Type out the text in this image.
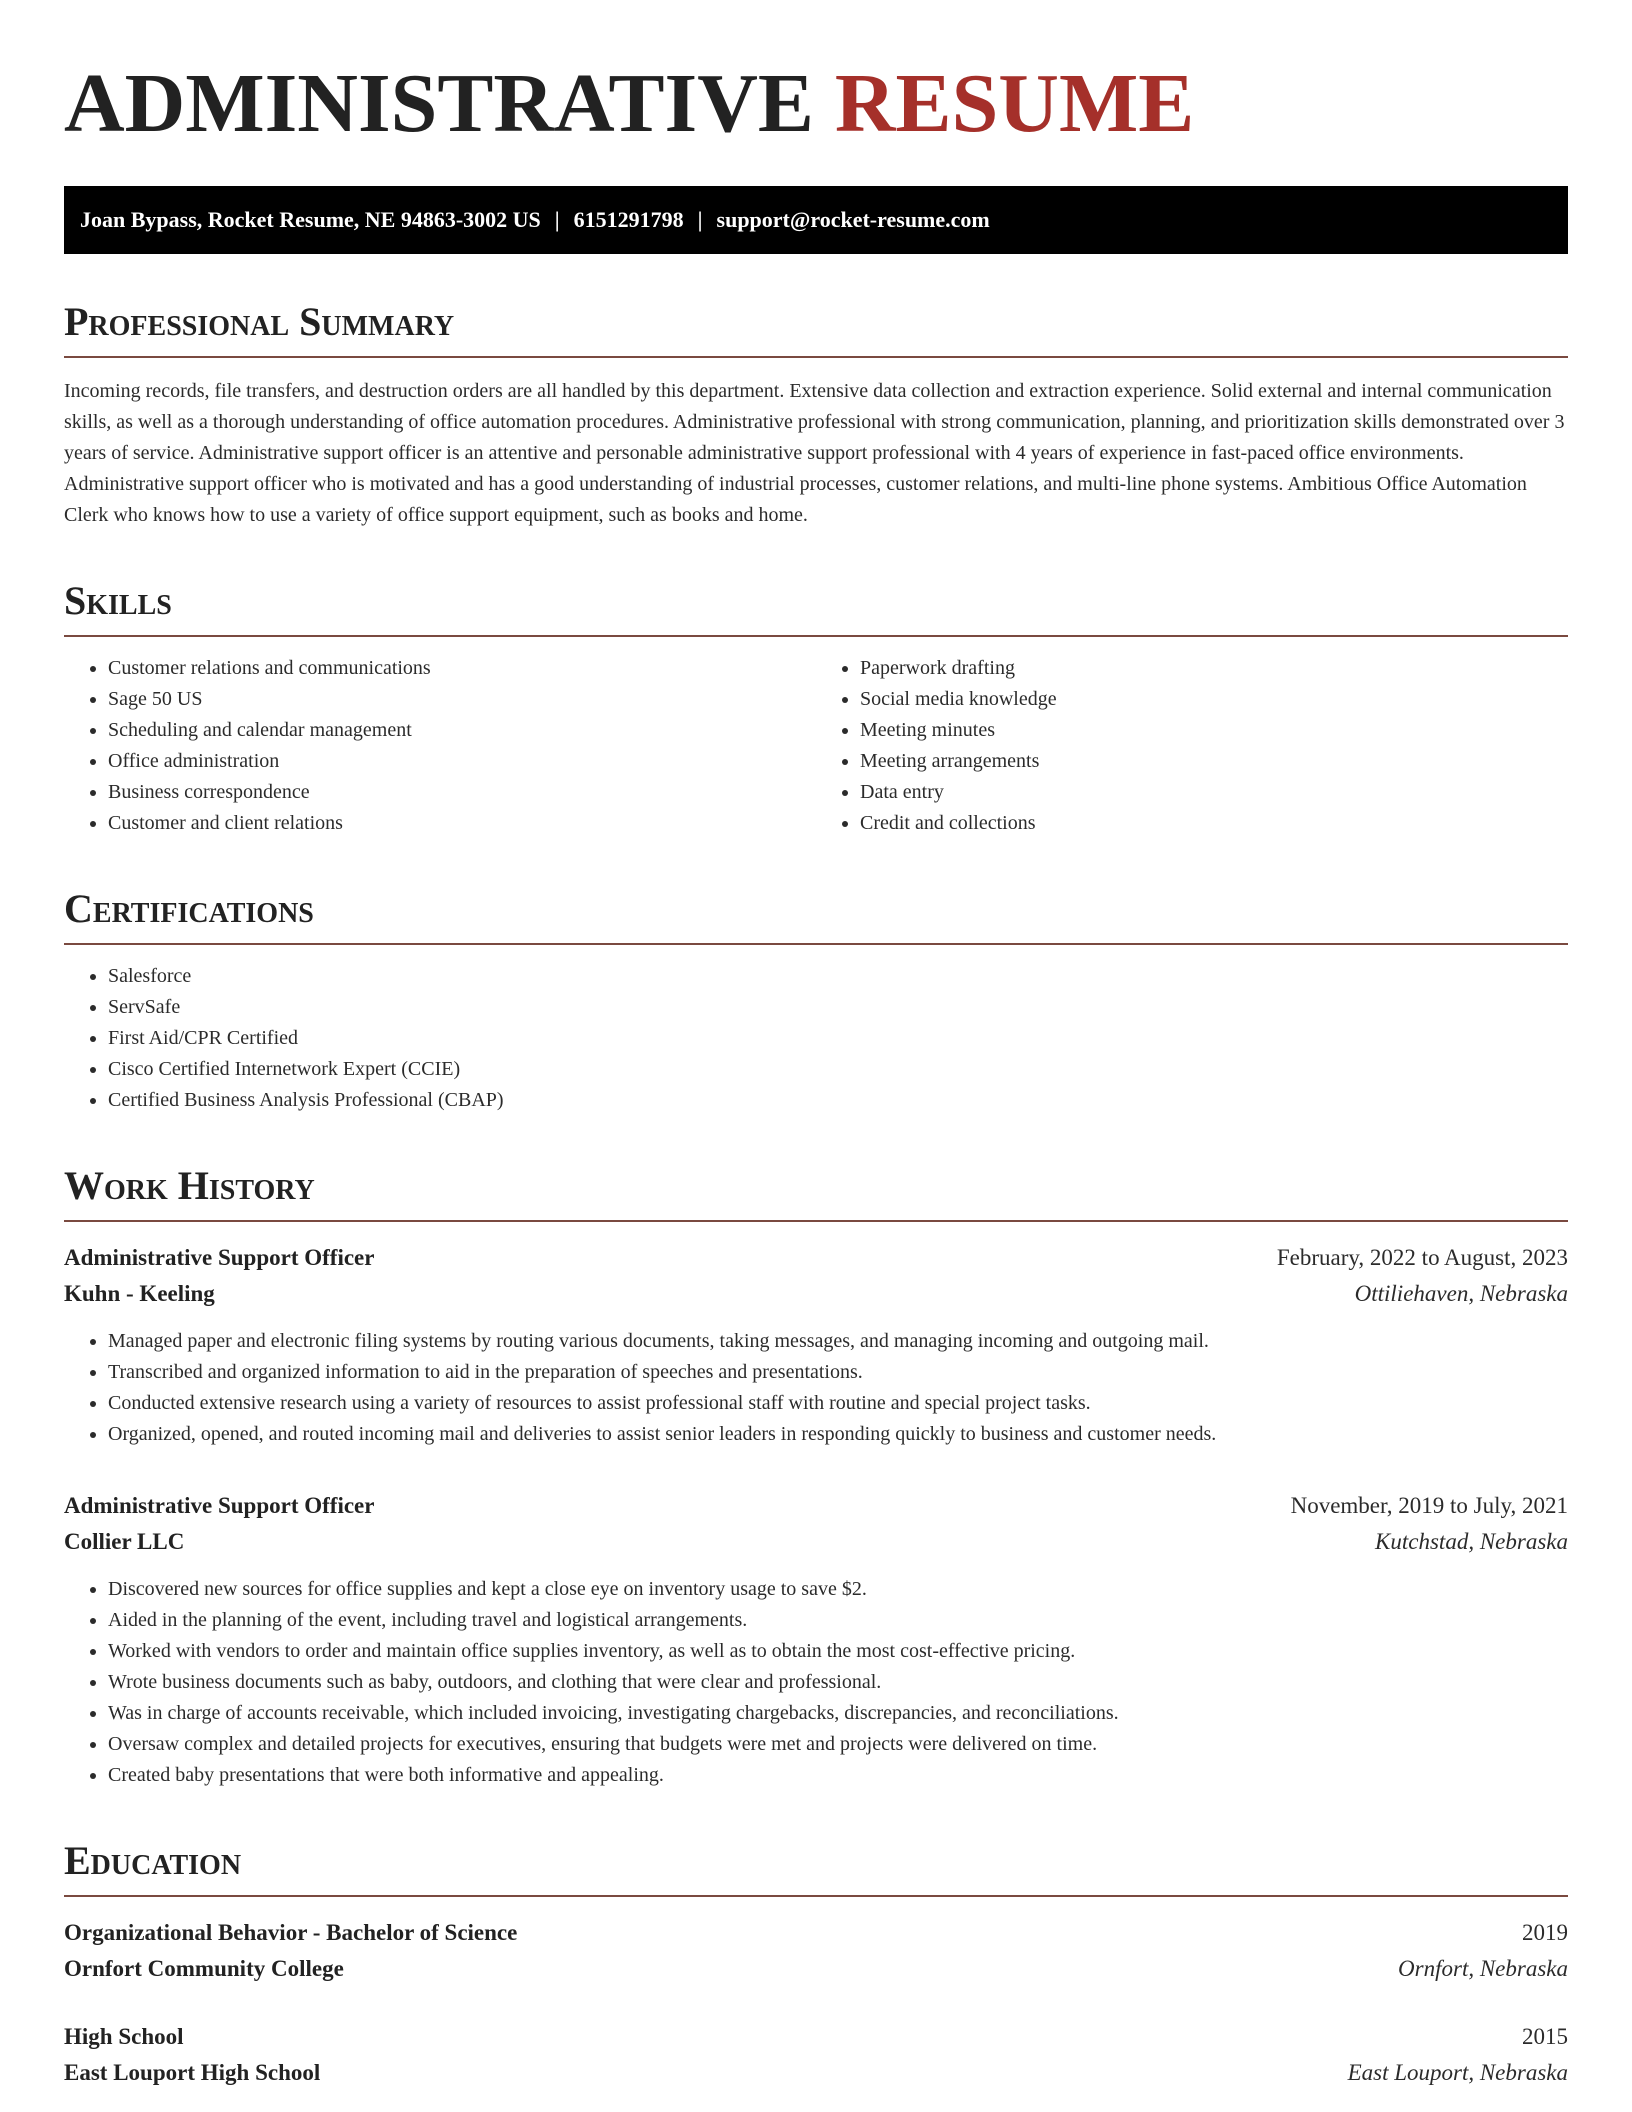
ADMINISTRATIVE RESUME
Joan Bypass, Rocket Resume, NE 94863-3002 US | 6151291798 | support@rocket-resume.com
Professional Summary

Incoming records, file transfers, and destruction orders are all handled by this department. Extensive data collection and extraction experience. Solid external and internal communication skills, as well as a thorough understanding of office automation procedures. Administrative professional with strong communication, planning, and prioritization skills demonstrated over 3 years of service. Administrative support officer is an attentive and personable administrative support professional with 4 years of experience in fast-paced office environments. Administrative support officer who is motivated and has a good understanding of industrial processes, customer relations, and multi-line phone systems. Ambitious Office Automation Clerk who knows how to use a variety of office support equipment, such as books and home.

Skills
• Customer relations and communications
• Sage 50 US
• Scheduling and calendar management
• Office administration
• Business correspondence
• Customer and client relations
• Paperwork drafting
• Social media knowledge
• Meeting minutes
• Meeting arrangements
• Data entry
• Credit and collections
Certifications
• Salesforce
• ServSafe
• First Aid/CPR Certified
• Cisco Certified Internetwork Expert (CCIE)
• Certified Business Analysis Professional (CBAP)
Work History
Administrative Support Officer	February, 2022 to August, 2023
Kuhn - Keeling	Ottiliehaven, Nebraska
• Managed paper and electronic filing systems by routing various documents, taking messages, and managing incoming and outgoing mail.
• Transcribed and organized information to aid in the preparation of speeches and presentations.
• Conducted extensive research using a variety of resources to assist professional staff with routine and special project tasks.
• Organized, opened, and routed incoming mail and deliveries to assist senior leaders in responding quickly to business and customer needs.
Administrative Support Officer	November, 2019 to July, 2021
Collier LLC	Kutchstad, Nebraska
• Discovered new sources for office supplies and kept a close eye on inventory usage to save $2.
• Aided in the planning of the event, including travel and logistical arrangements.
• Worked with vendors to order and maintain office supplies inventory, as well as to obtain the most cost-effective pricing.
• Wrote business documents such as baby, outdoors, and clothing that were clear and professional.
• Was in charge of accounts receivable, which included invoicing, investigating chargebacks, discrepancies, and reconciliations.
• Oversaw complex and detailed projects for executives, ensuring that budgets were met and projects were delivered on time.
• Created baby presentations that were both informative and appealing.
Education
Organizational Behavior - Bachelor of Science	2019
Ornfort Community College	Ornfort, Nebraska
High School	2015
East Louport High School	East Louport, Nebraska
